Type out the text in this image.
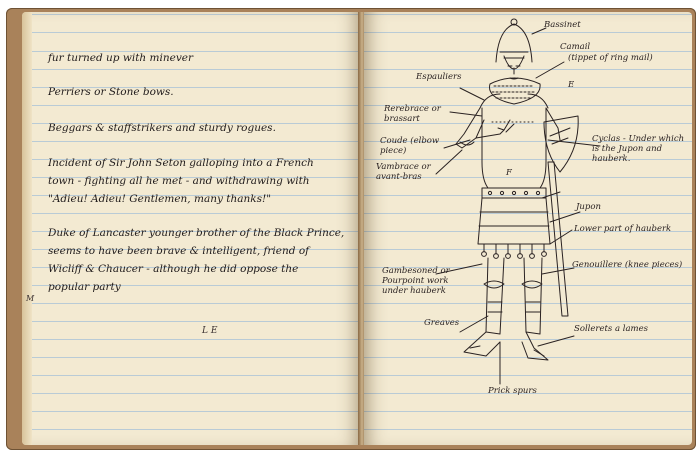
fur turned up with minever
Perriers or Stone bows.
Beggars & staffstrikers and sturdy rogues.
Incident of Sir John Seton galloping into a French
town - fighting all he met - and withdrawing with
"Adieu! Adieu! Gentlemen, many thanks!"
Duke of Lancaster younger brother of the Black Prince,
seems to have been brave & intelligent, friend of
Wicliff & Chaucer - although he did oppose the
popular party
L E
M
Bassinet
Camail
(tippet of ring mail)
Espauliers
E
Rerebrace or brassart
Coude (elbow piece)
Vambrace or avant-bras
Cyclas - Under which is the Jupon and hauberk.
F
Jupon
Lower part of hauberk
Genouillere (knee pieces)
Gambesoned or Pourpoint work under hauberk
Greaves
Sollerets a lames
Prick spurs
